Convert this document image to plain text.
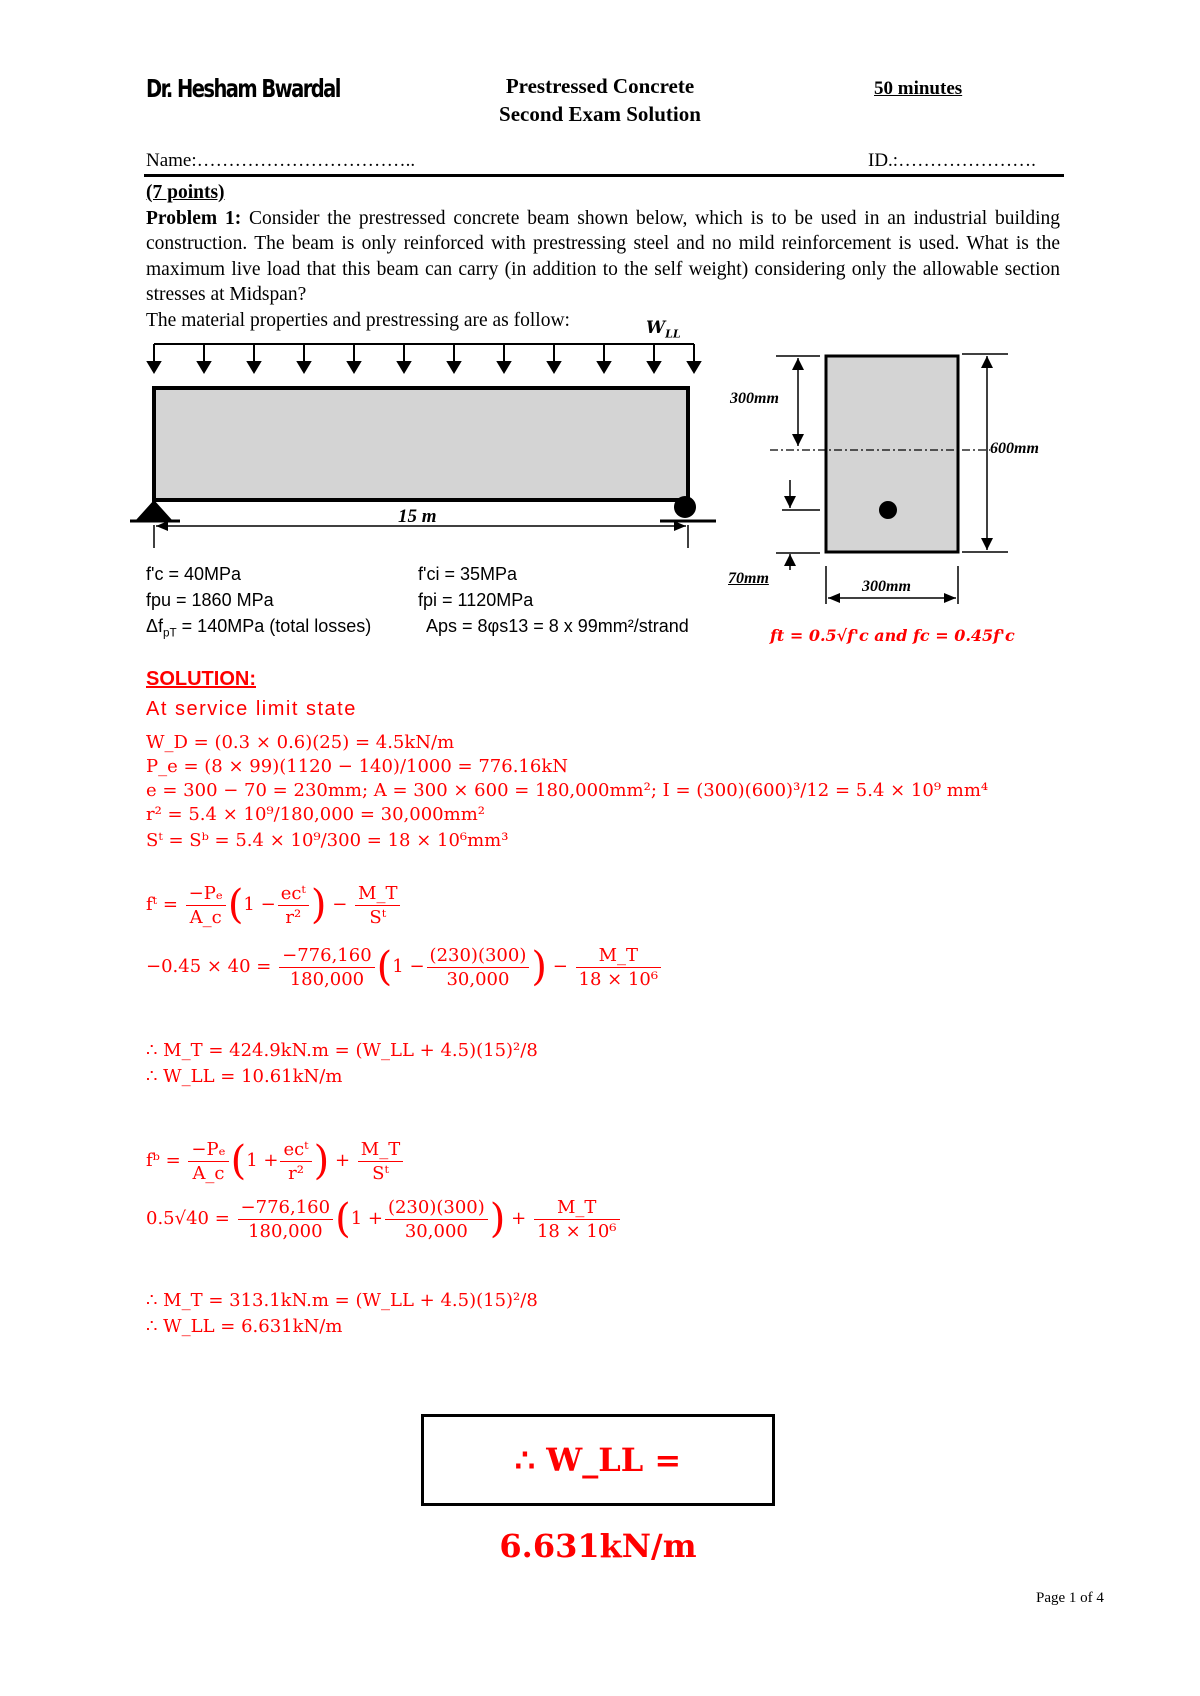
Dr. Hesham Bwardal	Prestressed Concrete
Second Exam Solution
50 minutes
Name:……………………………..	ID.:………………….
(7 points)
Problem 1: Consider the prestressed concrete beam shown below, which is to be used in an industrial building construction. The beam is only reinforced with prestressing steel and no mild reinforcement is used. What is the maximum live load that this beam can carry (in addition to the self weight) considering only the allowable section stresses at Midspan?
The material properties and prestressing are as follow:	$W_{LL}$
15 m
300mm
600mm
70mm	300mm
f'c = 40MPa	f'ci = 35MPa
fpu = 1860 MPa	fpi = 1120MPa
$\Delta f_{pT} = 140MPa$ (total losses)	Aps = 8φs13 = 8 x 99mm²/strand	ft = 0.5√f'c and fc = 0.45f'c
SOLUTION:
At service limit state
W_D = (0.3 × 0.6)(25) = 4.5kN/m
P_e = (8 × 99)(1120 − 140)/1000 = 776.16kN
e = 300 − 70 = 230mm; A = 300 × 600 = 180,000mm²; I = (300)(600)³/12 = 5.4 × 10⁹ mm⁴
r² = 5.4 × 10⁹/180,000 = 30,000mm²
Sᵗ = Sᵇ = 5.4 × 10⁹/300 = 18 × 10⁶mm³
fᵗ = $\frac{\text{−Pₑ}}{A\_c} (1 - \frac{\text{ecᵗ}}{\text{r²}}$ ) − $\frac{M\_T}{\text{Sᵗ}}$
$-0.45 \times 40 = \frac{-776,160}{180,000} (1 - \frac{(230)(300)}{30,000}$ ) − $\frac{M\_T}{\text{18 × 10⁶}}$
∴ M_T = 424.9kN.m = (W_LL + 4.5)(15)²/8
∴ W_LL = 10.61kN/m
fᵇ = $\frac{\text{−Pₑ}}{A\_c} (1 + \frac{\text{ecᵗ}}{\text{r²}}$ ) + $\frac{M\_T}{\text{Sᵗ}}$
$0.5√40 = \frac{-776,160}{180,000} (1 + \frac{(230)(300)}{30,000}$ ) + $\frac{M\_T}{\text{18 × 10⁶}}$
∴ M_T = 313.1kN.m = (W_LL + 4.5)(15)²/8
∴ W_LL = 6.631kN/m
∴ W_LL = 6.631kN/m
Page 1 of 4
